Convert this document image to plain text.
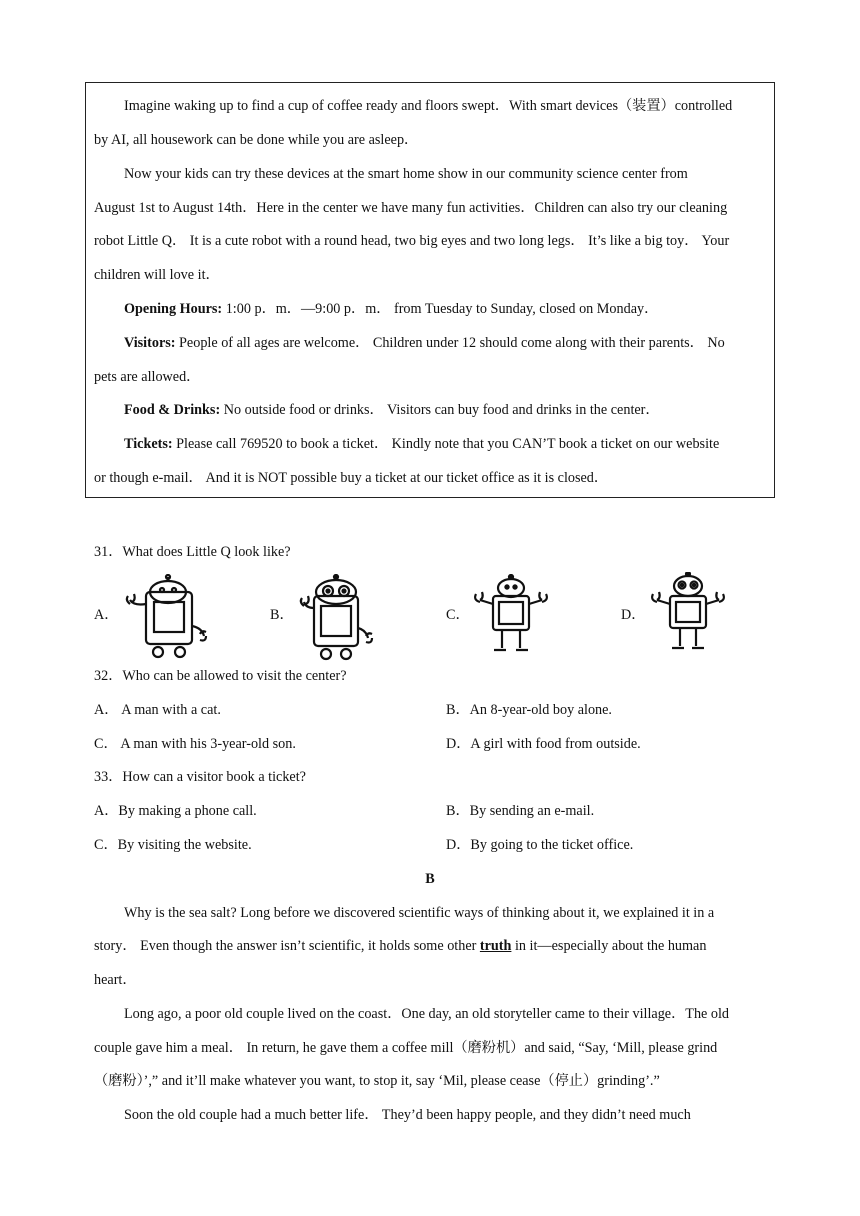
Imagine waking up to find a cup of coffee ready and floors swept．With smart devices（装置）controlled
by AI, all housework can be done while you are asleep．
Now your kids can try these devices at the smart home show in our community science center from
August 1st to August 14th．Here in the center we have many fun activities．Children can also try our cleaning
robot Little Q． It is a cute robot with a round head, two big eyes and two long legs． It’s like a big toy． Your
children will love it．
Opening Hours: 1:00 p．m．—9:00 p．m． from Tuesday to Sunday, closed on Monday．
Visitors: People of all ages are welcome． Children under 12 should come along with their parents． No
pets are allowed．
Food & Drinks: No outside food or drinks． Visitors can buy food and drinks in the center．
Tickets: Please call 769520 to book a ticket． Kindly note that you CAN’T book a ticket on our website
or though e-mail． And it is NOT possible buy a ticket at our ticket office as it is closed．
31．What does Little Q look like?
A．	B．	C．	D．
32．Who can be allowed to visit the center?
A． A man with a cat.	B．An 8-year-old boy alone.
C． A man with his 3-year-old son.	D．A girl with food from outside.
33．How can a visitor book a ticket?
A．By making a phone call.	B．By sending an e-mail.
C．By visiting the website.	D．By going to the ticket office.
B
Why is the sea salt? Long before we discovered scientific ways of thinking about it, we explained it in a
story． Even though the answer isn’t scientific, it holds some other truth in it—especially about the human
heart．
Long ago, a poor old couple lived on the coast．One day, an old storyteller came to their village．The old
couple gave him a meal． In return, he gave them a coffee mill（磨粉机）and said, “Say, ‘Mill, please grind
（磨粉）’,” and it’ll make whatever you want, to stop it, say ‘Mil, please cease（停止）grinding’.”
Soon the old couple had a much better life． They’d been happy people, and they didn’t need much
